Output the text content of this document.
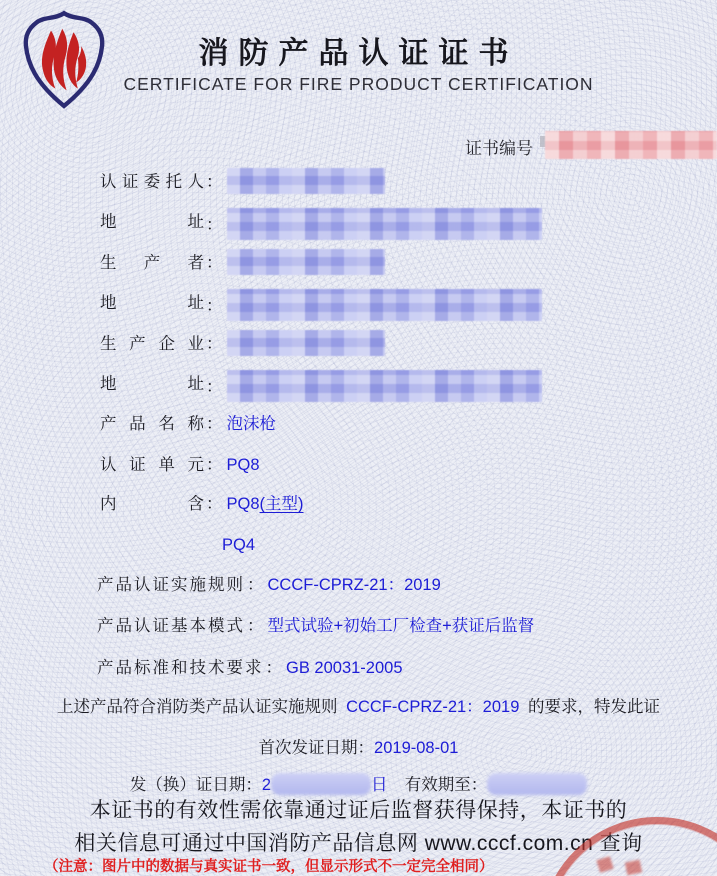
消防产品认证证书
CERTIFICATE FOR FIRE PRODUCT CERTIFICATION
证书编号

认证委托人 ：
地址 ：
生产者 ：
地址 ：
生产企业 ：
地址 ：
产品名称 ： 泡沫枪
认证单元 ： PQ8
内含 ： PQ8(主型)
PQ4
产品认证实施规则 ： CCCF-CPRZ-21：2019
产品认证基本模式 ： 型式试验+初始工厂检查+获证后监督
产品标准和技术要求 ： GB 20031-2005
上述产品符合消防类产品认证实施规则 CCCF-CPRZ-21：2019 的要求，特发此证
首次发证日期：2019-08-01
发（换）证日期：2	日 有效期至：
本证书的有效性需依靠通过证后监督获得保持，本证书的
相关信息可通过中国消防产品信息网 www.cccf.com.cn 查询
（注意：图片中的数据与真实证书一致，但显示形式不一定完全相同）
